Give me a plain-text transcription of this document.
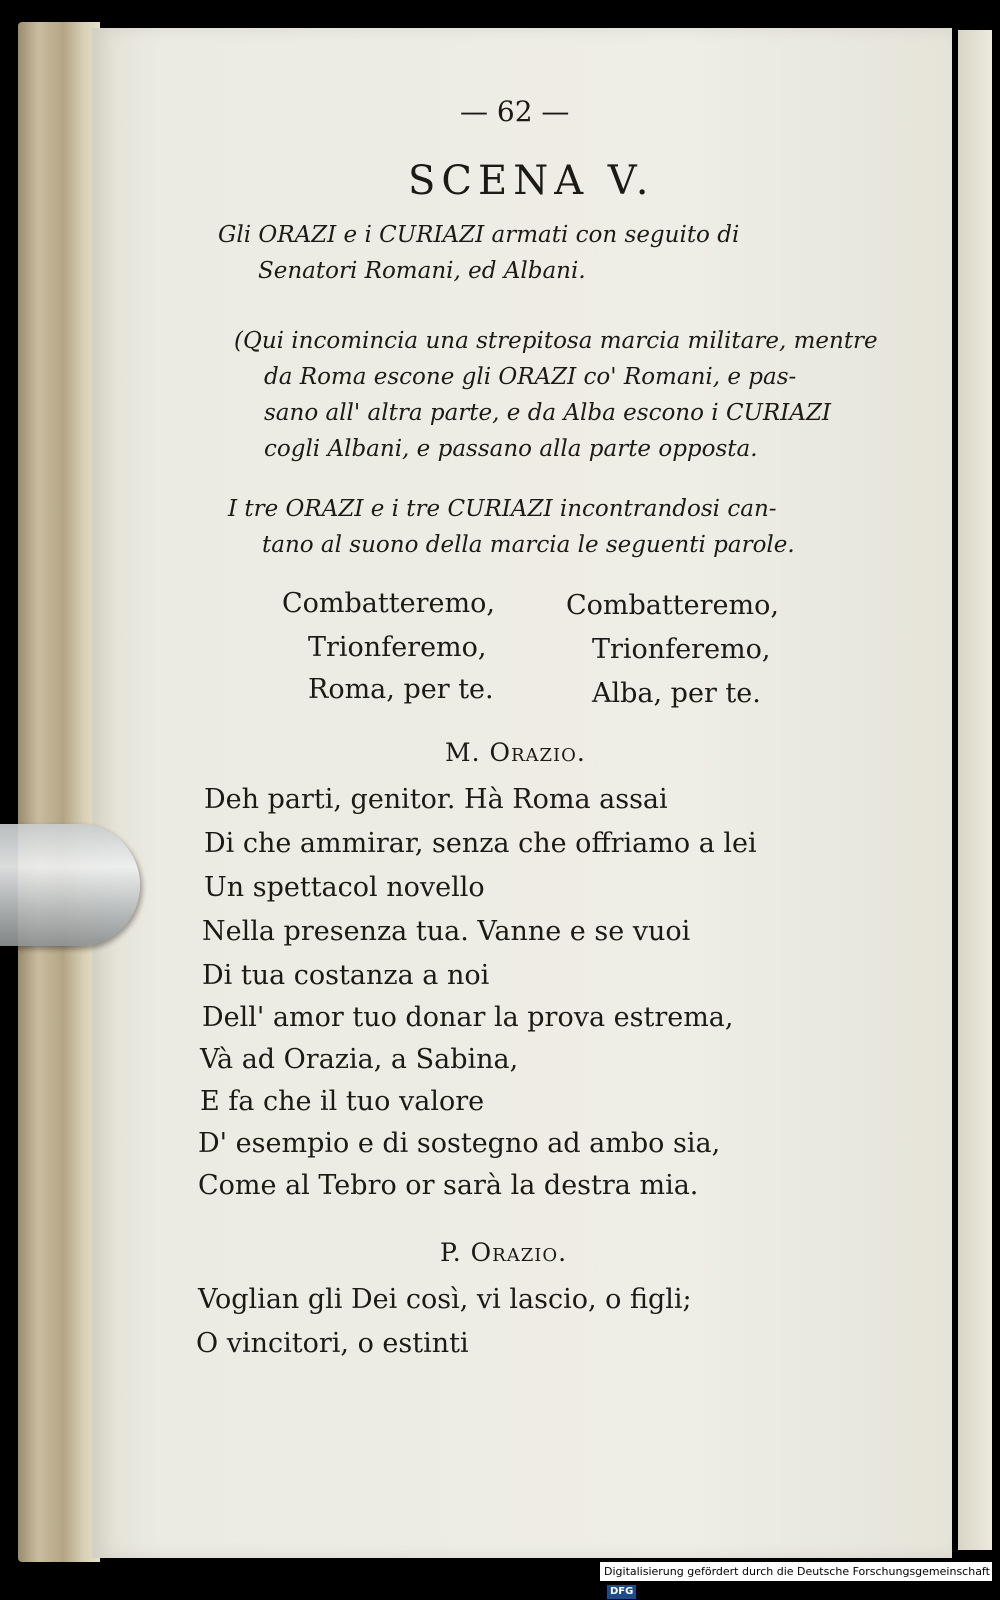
— 62 —
SCENA V.
Gli ORAZI e i CURIAZI armati con seguito di
Senatori Romani, ed Albani.
(Qui incomincia una strepitosa marcia militare, mentre
da Roma escone gli ORAZI co' Romani, e pas-
sano all' altra parte, e da Alba escono i CURIAZI
cogli Albani, e passano alla parte opposta.
I tre ORAZI e i tre CURIAZI incontrandosi can-
tano al suono della marcia le seguenti parole.
Combatteremo,
Trionferemo,
Roma, per te.
Combatteremo,
Trionferemo,
Alba, per te.
M. Orazio.
Deh parti, genitor. Hà Roma assai
Di che ammirar, senza che offriamo a lei
Un spettacol novello
Nella presenza tua. Vanne e se vuoi
Di tua costanza a noi
Dell' amor tuo donar la prova estrema,
Và ad Orazia, a Sabina,
E fa che il tuo valore
D' esempio e di sostegno ad ambo sia,
Come al Tebro or sarà la destra mia.
P. Orazio.
Voglian gli Dei così, vi lascio, o figli;
O vincitori, o estinti
Digitalisierung gefördert durch die Deutsche Forschungsgemeinschaft DFG
